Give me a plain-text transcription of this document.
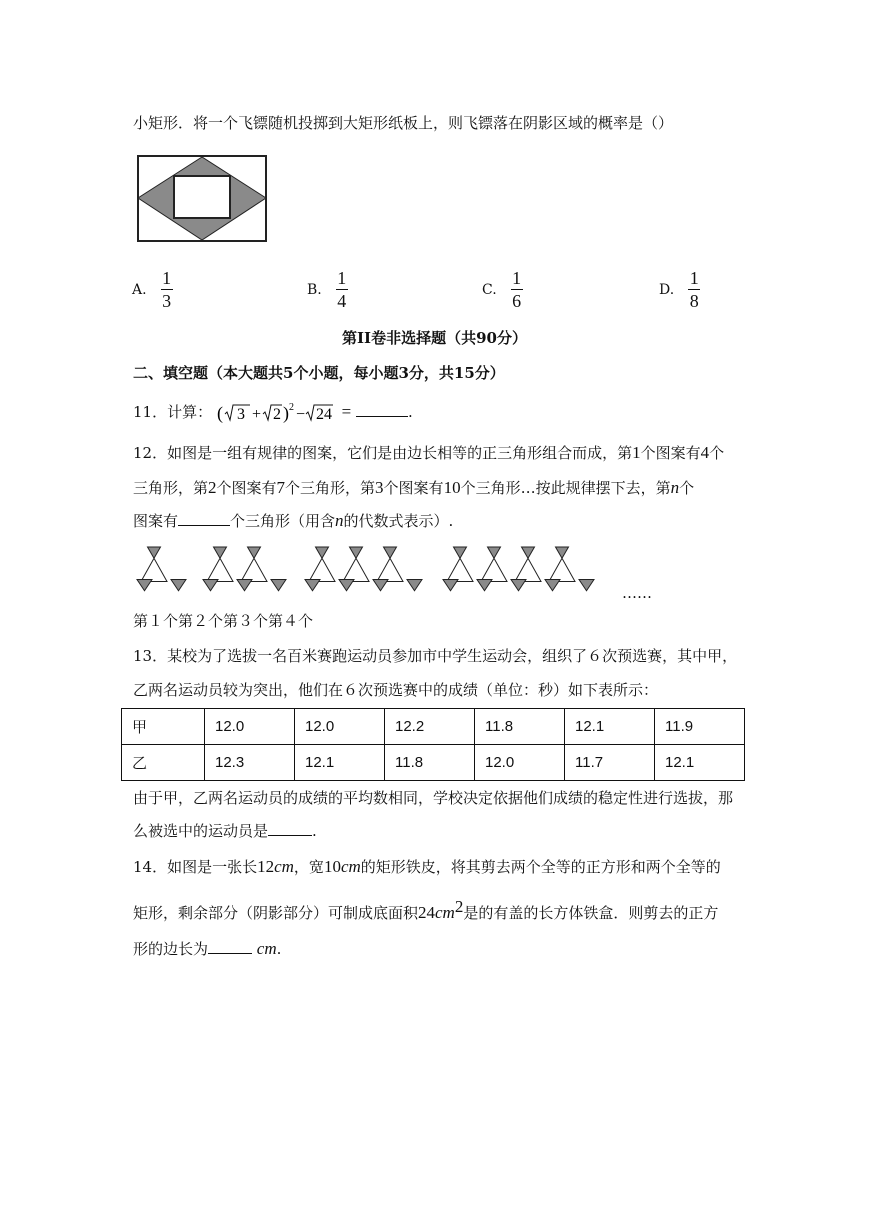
小矩形．将一个飞镖随机投掷到大矩形纸板上，则飞镖落在阴影区域的概率是（）
A. $\frac{1}{3}$	B. $\frac{1}{4}$	C. $\frac{1}{6}$	D. $\frac{1}{8}$
第II卷非选择题（共90分）
二、填空题（本大题共5个小题，每小题3分，共15分）
11．计算： ( 3 + 2 ) 2 − 24 =	.
12．如图是一组有规律的图案，它们是由边长相等的正三角形组合而成，第1个图案有4个
三角形，第2个图案有7个三角形，第3个图案有10个三角形…按此规律摆下去，第n个
图案有	个三角形（用含n的代数式表示）.
……
第１个第２个第３个第４个
13．某校为了选拔一名百米赛跑运动员参加市中学生运动会，组织了６次预选赛，其中甲，
乙两名运动员较为突出，他们在６次预选赛中的成绩（单位：秒）如下表所示：
甲	12.0	12.0	12.2	11.8	12.1	11.9
乙	12.3	12.1	11.8	12.0	11.7	12.1
由于甲，乙两名运动员的成绩的平均数相同，学校决定依据他们成绩的稳定性进行选拔，那
么被选中的运动员是	.
14．如图是一张长12cm，宽10cm的矩形铁皮，将其剪去两个全等的正方形和两个全等的
矩形，剩余部分（阴影部分）可制成底面积$24cm^2$是的有盖的长方体铁盒．则剪去的正方
形的边长为	cm.
